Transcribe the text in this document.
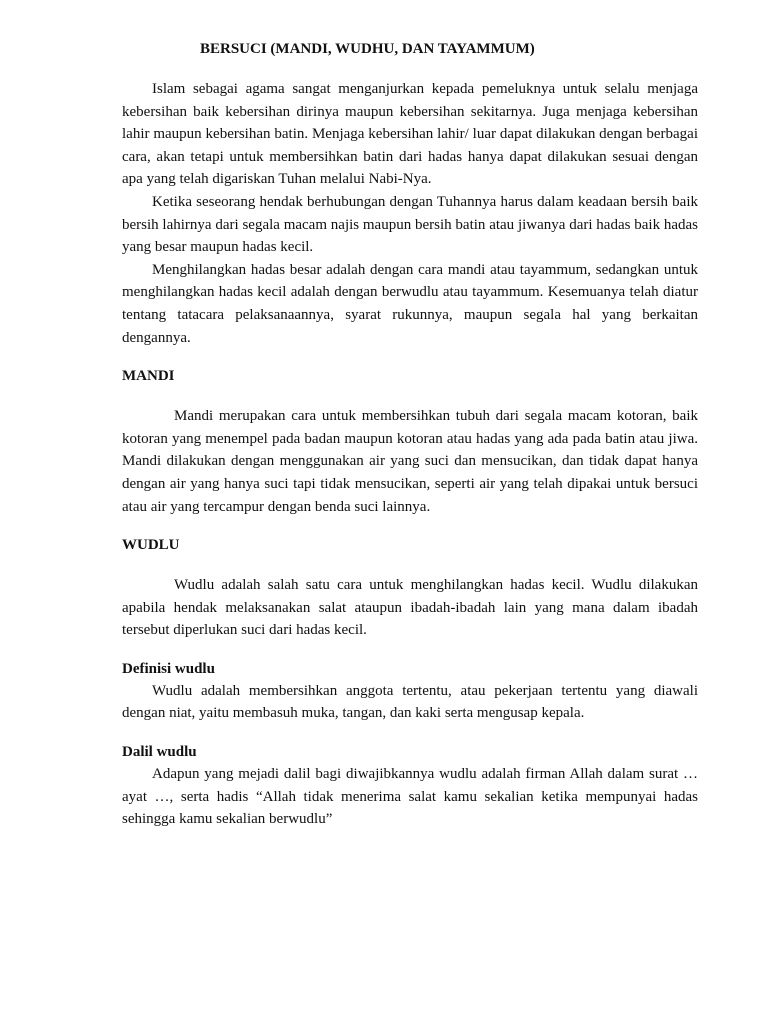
BERSUCI (MANDI, WUDHU, DAN TAYAMMUM)

Islam sebagai agama sangat menganjurkan kepada pemeluknya untuk selalu menjaga kebersihan baik kebersihan dirinya maupun kebersihan sekitarnya. Juga menjaga kebersihan lahir maupun kebersihan batin. Menjaga kebersihan lahir/ luar dapat dilakukan dengan berbagai cara, akan tetapi untuk membersihkan batin dari hadas hanya dapat dilakukan sesuai dengan apa yang telah digariskan Tuhan melalui Nabi-Nya.

Ketika seseorang hendak berhubungan dengan Tuhannya harus dalam keadaan bersih baik bersih lahirnya dari segala macam najis maupun bersih batin atau jiwanya dari hadas baik hadas yang besar maupun hadas kecil.

Menghilangkan hadas besar adalah dengan cara mandi atau tayammum, sedangkan untuk menghilangkan hadas kecil adalah dengan berwudlu atau tayammum. Kesemuanya telah diatur tentang tatacara pelaksanaannya, syarat rukunnya, maupun segala hal yang berkaitan dengannya.

MANDI

Mandi merupakan cara untuk membersihkan tubuh dari segala macam kotoran, baik kotoran yang menempel pada badan maupun kotoran atau hadas yang ada pada batin atau jiwa. Mandi dilakukan dengan menggunakan air yang suci dan mensucikan, dan tidak dapat hanya dengan air yang hanya suci tapi tidak mensucikan, seperti air yang telah dipakai untuk bersuci atau air yang tercampur dengan benda suci lainnya.

WUDLU

Wudlu adalah salah satu cara untuk menghilangkan hadas kecil. Wudlu dilakukan apabila hendak melaksanakan salat ataupun ibadah-ibadah lain yang mana dalam ibadah tersebut diperlukan suci dari hadas kecil.

Definisi wudlu

Wudlu adalah membersihkan anggota tertentu, atau pekerjaan tertentu yang diawali dengan niat, yaitu membasuh muka, tangan, dan kaki serta mengusap kepala.

Dalil wudlu

Adapun yang mejadi dalil bagi diwajibkannya wudlu adalah firman Allah dalam surat … ayat …, serta hadis “Allah tidak menerima salat kamu sekalian ketika mempunyai hadas sehingga kamu sekalian berwudlu”
